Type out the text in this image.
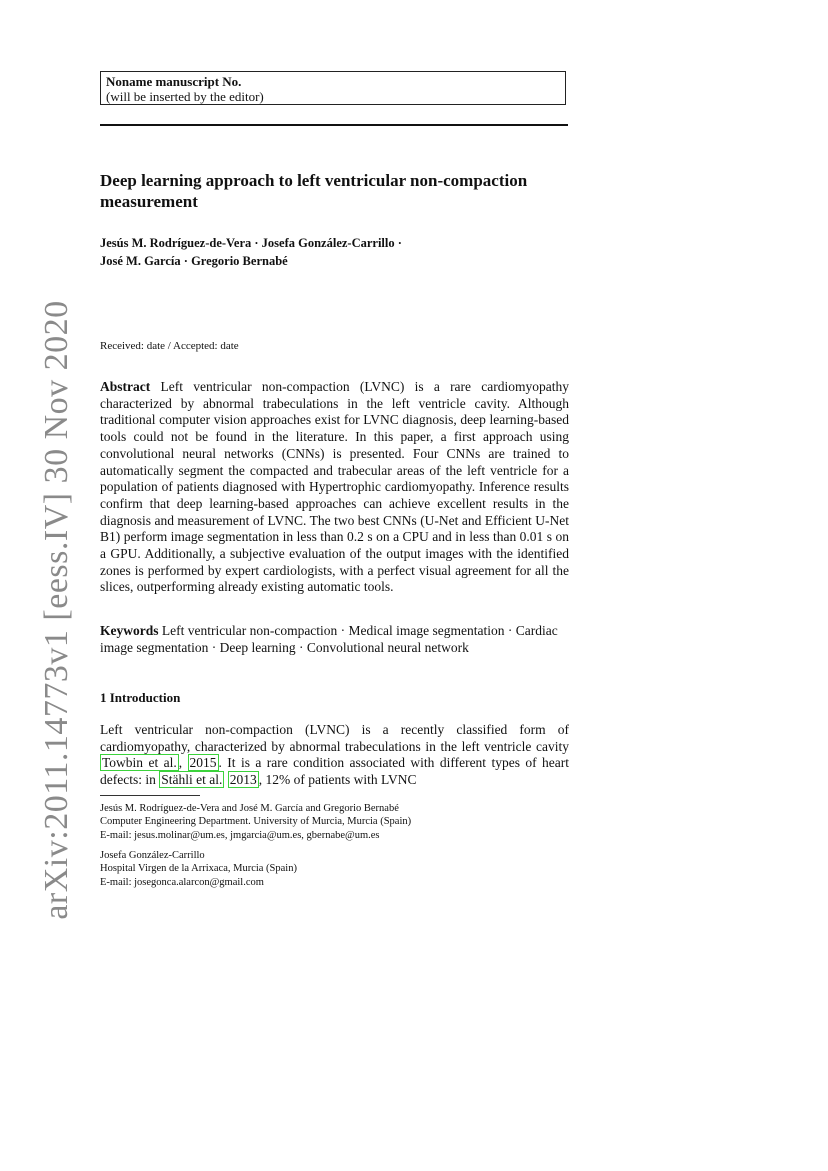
arXiv:2011.14773v1 [eess.IV] 30 Nov 2020
Noname manuscript No.
(will be inserted by the editor)
Deep learning approach to left ventricular non-compaction measurement
Jesús M. Rodríguez-de-Vera · Josefa González-Carrillo · José M. García · Gregorio Bernabé
Received: date / Accepted: date
Abstract Left ventricular non-compaction (LVNC) is a rare cardiomyopathy characterized by abnormal trabeculations in the left ventricle cavity. Although traditional computer vision approaches exist for LVNC diagnosis, deep learning-based tools could not be found in the literature. In this paper, a first approach using convolutional neural networks (CNNs) is presented. Four CNNs are trained to automatically segment the compacted and trabecular areas of the left ventricle for a population of patients diagnosed with Hypertrophic cardiomyopathy. Inference results confirm that deep learning-based approaches can achieve excellent results in the diagnosis and measurement of LVNC. The two best CNNs (U-Net and Efficient U-Net B1) perform image segmentation in less than 0.2 s on a CPU and in less than 0.01 s on a GPU. Additionally, a subjective evaluation of the output images with the identified zones is performed by expert cardiologists, with a perfect visual agreement for all the slices, outperforming already existing automatic tools.
Keywords Left ventricular non-compaction · Medical image segmentation · Cardiac image segmentation · Deep learning · Convolutional neural network
1 Introduction
Left ventricular non-compaction (LVNC) is a recently classified form of cardiomyopathy, characterized by abnormal trabeculations in the left ventricle cavity Towbin et al. , 2015 . It is a rare condition associated with different types of heart defects: in Stähli et al. 2013 , 12% of patients with LVNC
Jesús M. Rodríguez-de-Vera and José M. García and Gregorio Bernabé
Computer Engineering Department. University of Murcia, Murcia (Spain)
E-mail: jesus.molinar@um.es, jmgarcia@um.es, gbernabe@um.es
Josefa González-Carrillo
Hospital Virgen de la Arrixaca, Murcia (Spain)
E-mail: josegonca.alarcon@gmail.com
